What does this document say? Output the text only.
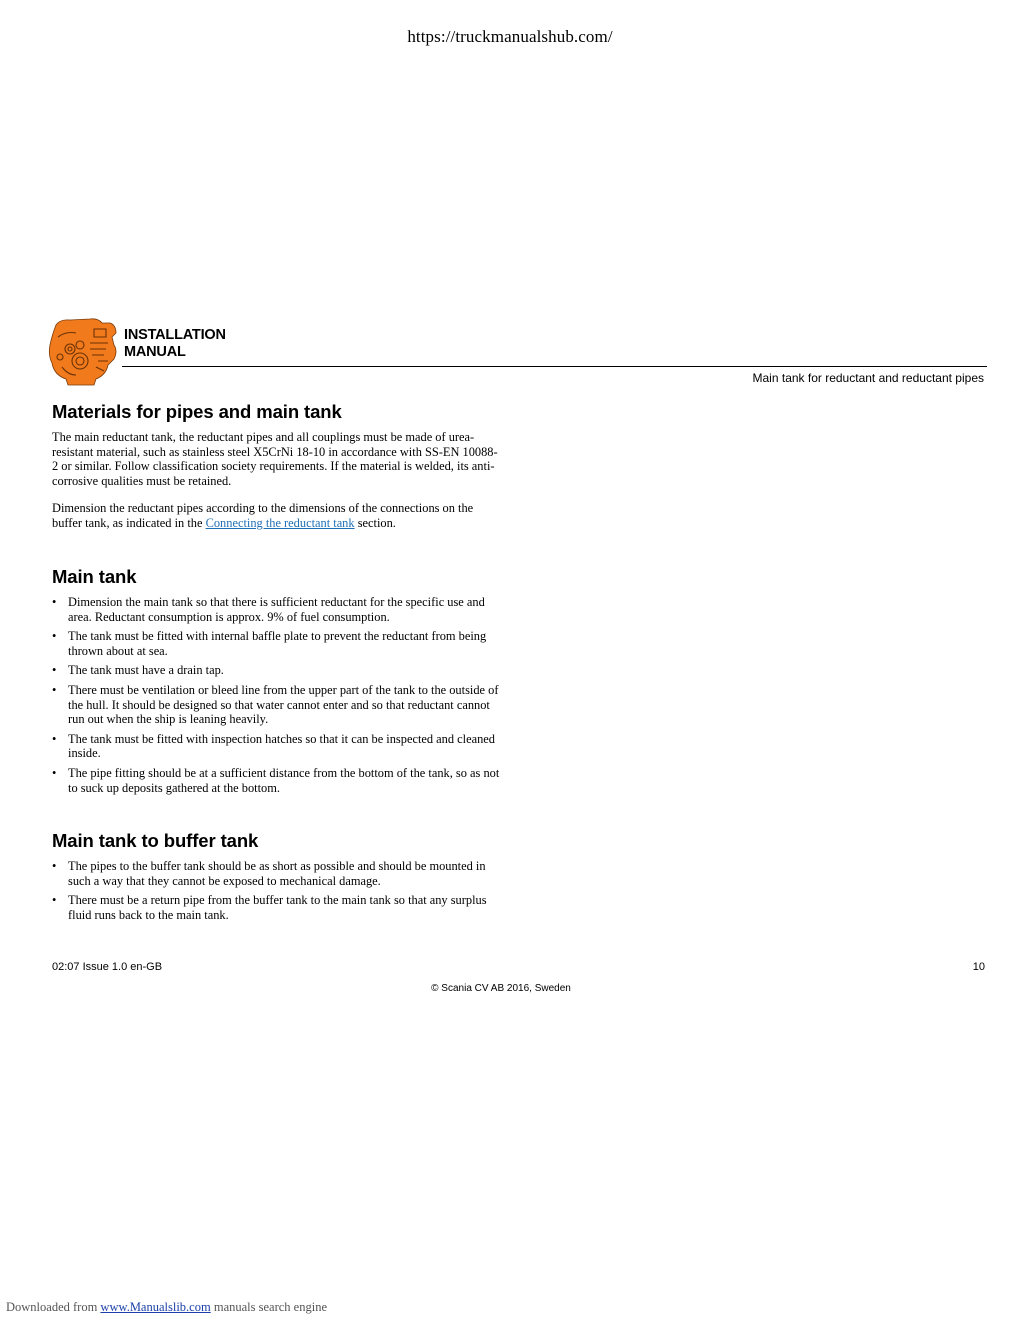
https://truckmanualshub.com/
INSTALLATION
MANUAL
Main tank for reductant and reductant pipes
Materials for pipes and main tank

The main reductant tank, the reductant pipes and all couplings must be made of urea-resistant material, such as stainless steel X5CrNi 18-10 in accordance with SS-EN 10088-2 or similar. Follow classification society requirements. If the material is welded, its anti-corrosive qualities must be retained.

Dimension the reductant pipes according to the dimensions of the connections on the buffer tank, as indicated in the Connecting the reductant tank section.

Main tank
• Dimension the main tank so that there is sufficient reductant for the specific use and area. Reductant consumption is approx. 9% of fuel consumption.
• The tank must be fitted with internal baffle plate to prevent the reductant from being thrown about at sea.
• The tank must have a drain tap.
• There must be ventilation or bleed line from the upper part of the tank to the outside of the hull. It should be designed so that water cannot enter and so that reductant cannot run out when the ship is leaning heavily.
• The tank must be fitted with inspection hatches so that it can be inspected and cleaned inside.
• The pipe fitting should be at a sufficient distance from the bottom of the tank, so as not to suck up deposits gathered at the bottom.
Main tank to buffer tank
• The pipes to the buffer tank should be as short as possible and should be mounted in such a way that they cannot be exposed to mechanical damage.
• There must be a return pipe from the buffer tank to the main tank so that any surplus fluid runs back to the main tank.
02:07 Issue 1.0 en-GB	10
© Scania CV AB 2016, Sweden
Downloaded from www.Manualslib.com manuals search engine
